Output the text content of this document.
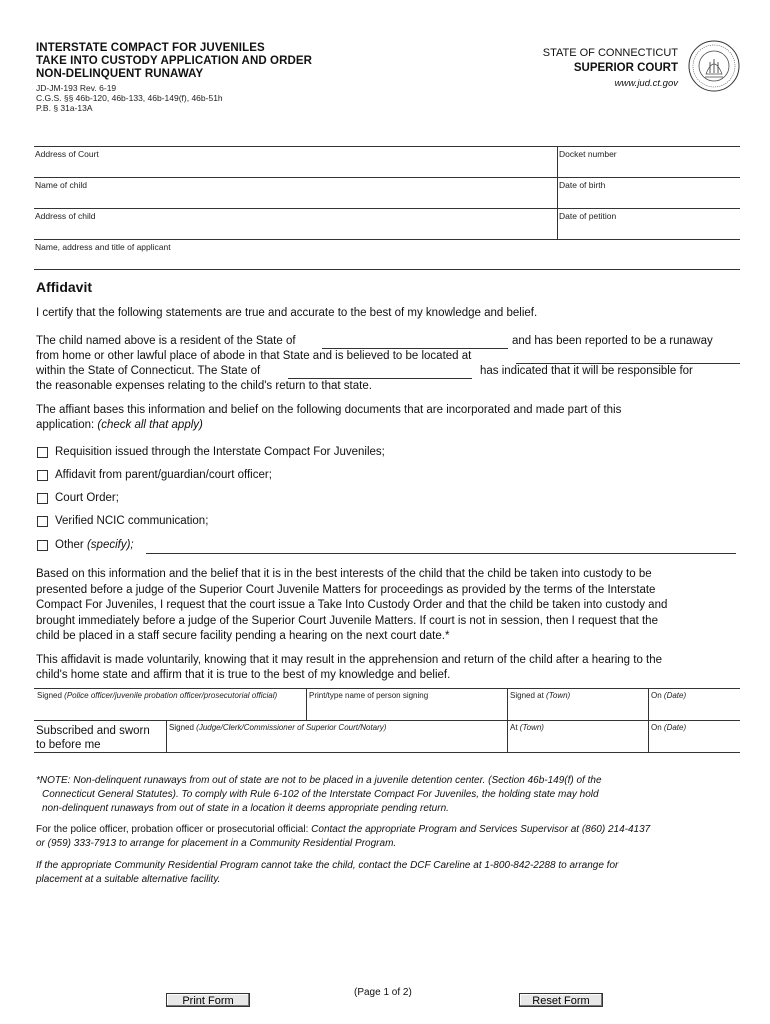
INTERSTATE COMPACT FOR JUVENILES
TAKE INTO CUSTODY APPLICATION AND ORDER
NON-DELINQUENT RUNAWAY
JD-JM-193 Rev. 6-19
C.G.S. §§ 46b-120, 46b-133, 46b-149(f), 46b-51h
P.B. § 31a-13A
STATE OF CONNECTICUT
SUPERIOR COURT
www.jud.ct.gov
Address of Court	Docket number
Name of child	Date of birth
Address of child	Date of petition
Name, address and title of applicant
Affidavit
I certify that the following statements are true and accurate to the best of my knowledge and belief.
The child named above is a resident of the State of	and has been reported to be a runaway
from home or other lawful place of abode in that State and is believed to be located at
within the State of Connecticut. The State of	has indicated that it will be responsible for
the reasonable expenses relating to the child's return to that state.
The affiant bases this information and belief on the following documents that are incorporated and made part of this
application: (check all that apply)
Requisition issued through the Interstate Compact For Juveniles;
Affidavit from parent/guardian/court officer;
Court Order;
Verified NCIC communication;
Other (specify);
Based on this information and the belief that it is in the best interests of the child that the child be taken into custody to be
presented before a judge of the Superior Court Juvenile Matters for proceedings as provided by the terms of the Interstate
Compact For Juveniles, I request that the court issue a Take Into Custody Order and that the child be taken into custody and
brought immediately before a judge of the Superior Court Juvenile Matters. If court is not in session, then I request that the
child be placed in a staff secure facility pending a hearing on the next court date.*
This affidavit is made voluntarily, knowing that it may result in the apprehension and return of the child after a hearing to the
child's home state and affirm that it is true to the best of my knowledge and belief.
Signed (Police officer/juvenile probation officer/prosecutorial official)	Print/type name of person signing	Signed at (Town)	On (Date)
Subscribed and sworn
to before me
Signed (Judge/Clerk/Commissioner of Superior Court/Notary)	At (Town)	On (Date)
*NOTE: Non-delinquent runaways from out of state are not to be placed in a juvenile detention center. (Section 46b-149(f) of the
Connecticut General Statutes). To comply with Rule 6-102 of the Interstate Compact For Juveniles, the holding state may hold
non-delinquent runaways from out of state in a location it deems appropriate pending return.
For the police officer, probation officer or prosecutorial official: Contact the appropriate Program and Services Supervisor at (860) 214-4137
or (959) 333-7913 to arrange for placement in a Community Residential Program.
If the appropriate Community Residential Program cannot take the child, contact the DCF Careline at 1-800-842-2288 to arrange for
placement at a suitable alternative facility.
Print Form
(Page 1 of 2)
Reset Form
